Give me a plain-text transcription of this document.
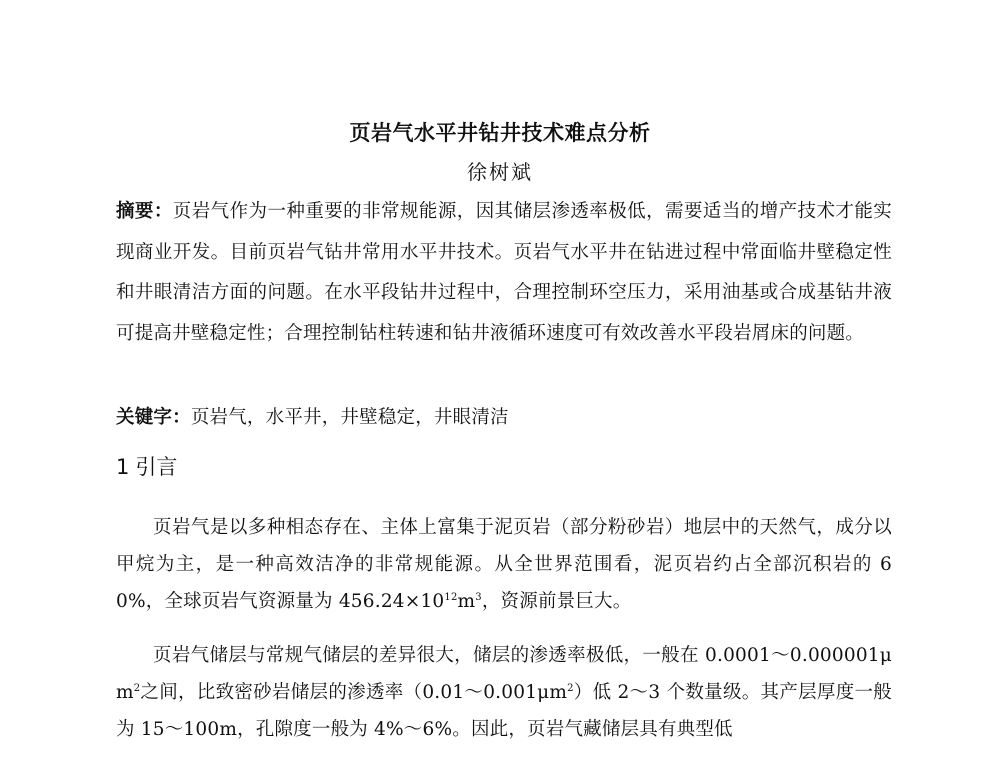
页岩气水平井钻井技术难点分析
徐树斌
摘要：页岩气作为一种重要的非常规能源，因其储层渗透率极低，需要适当的增产技术才能实现商业开发。目前页岩气钻井常用水平井技术。页岩气水平井在钻进过程中常面临井壁稳定性和井眼清洁方面的问题。在水平段钻井过程中，合理控制环空压力，采用油基或合成基钻井液可提高井壁稳定性；合理控制钻柱转速和钻井液循环速度可有效改善水平段岩屑床的问题。
关键字：页岩气，水平井，井壁稳定，井眼清洁
1 引言
页岩气是以多种相态存在、主体上富集于泥页岩（部分粉砂岩）地层中的天然气，成分以甲烷为主，是一种高效洁净的非常规能源。从全世界范围看，泥页岩约占全部沉积岩的 60%，全球页岩气资源量为 $456.24\times 10^{12}m^3$，资源前景巨大。
页岩气储层与常规气储层的差异很大，储层的渗透率极低，一般在 $0.0001\sim 0.000001\mu m^2$之间，比致密砂岩储层的渗透率$(0.01\sim 0.001\mu m^2)$低 2～3 个数量级。其产层厚度一般为 15～100m，孔隙度一般为 4%～6%。因此，页岩气藏储层具有典型低
